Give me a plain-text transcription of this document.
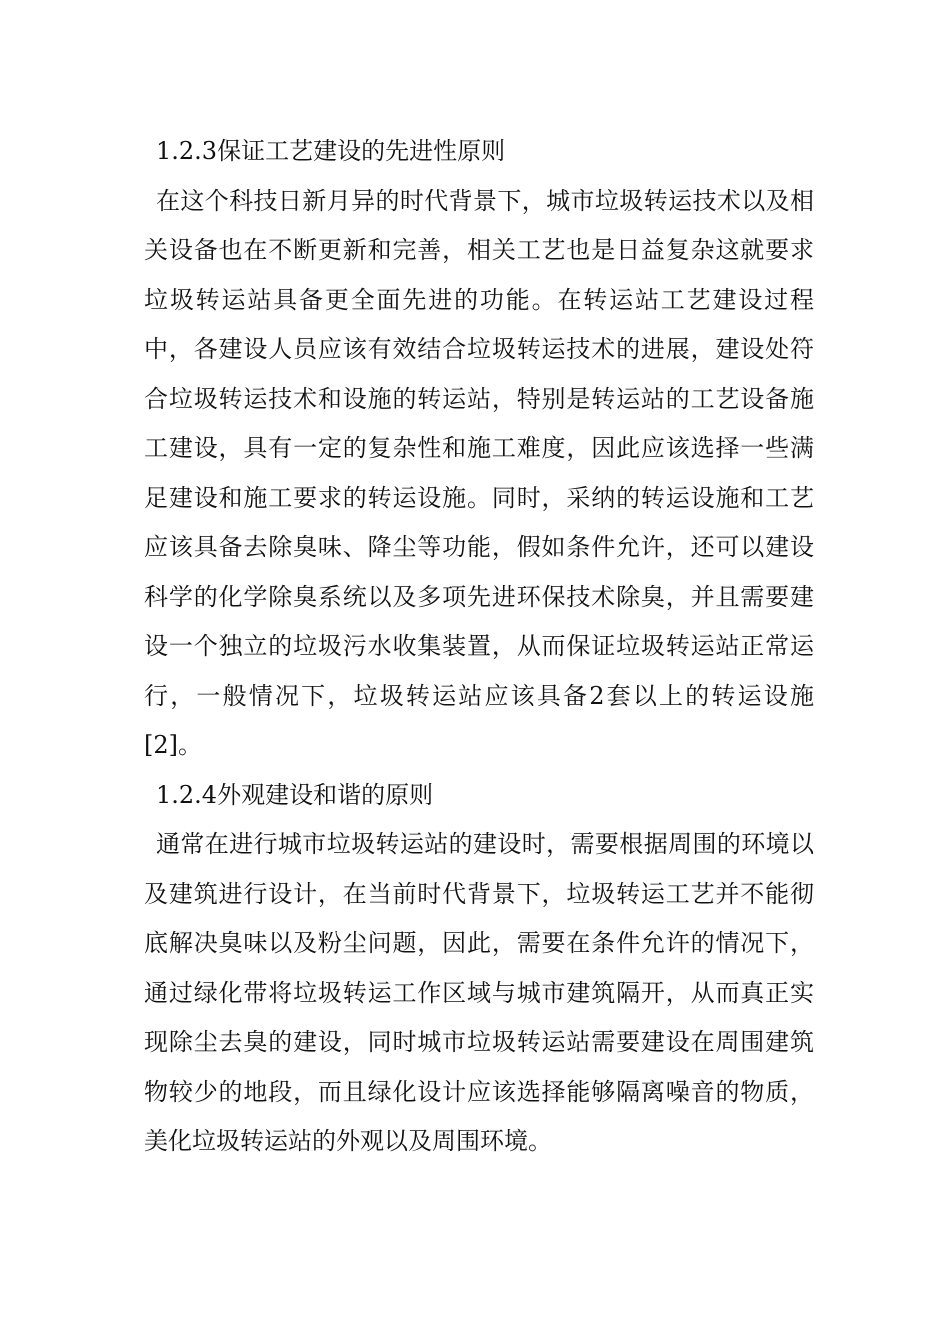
1.2.3保证工艺建设的先进性原则

在这个科技日新月异的时代背景下，城市垃圾转运技术以及相关设备也在不断更新和完善，相关工艺也是日益复杂这就要求垃圾转运站具备更全面先进的功能。在转运站工艺建设过程中，各建设人员应该有效结合垃圾转运技术的进展，建设处符合垃圾转运技术和设施的转运站，特别是转运站的工艺设备施工建设，具有一定的复杂性和施工难度，因此应该选择一些满足建设和施工要求的转运设施。同时，采纳的转运设施和工艺应该具备去除臭味、降尘等功能，假如条件允许，还可以建设科学的化学除臭系统以及多项先进环保技术除臭，并且需要建设一个独立的垃圾污水收集装置，从而保证垃圾转运站正常运行，一般情况下，垃圾转运站应该具备2套以上的转运设施[2]。

1.2.4外观建设和谐的原则

通常在进行城市垃圾转运站的建设时，需要根据周围的环境以及建筑进行设计，在当前时代背景下，垃圾转运工艺并不能彻底解决臭味以及粉尘问题，因此，需要在条件允许的情况下，通过绿化带将垃圾转运工作区域与城市建筑隔开，从而真正实现除尘去臭的建设，同时城市垃圾转运站需要建设在周围建筑物较少的地段，而且绿化设计应该选择能够隔离噪音的物质，美化垃圾转运站的外观以及周围环境。
